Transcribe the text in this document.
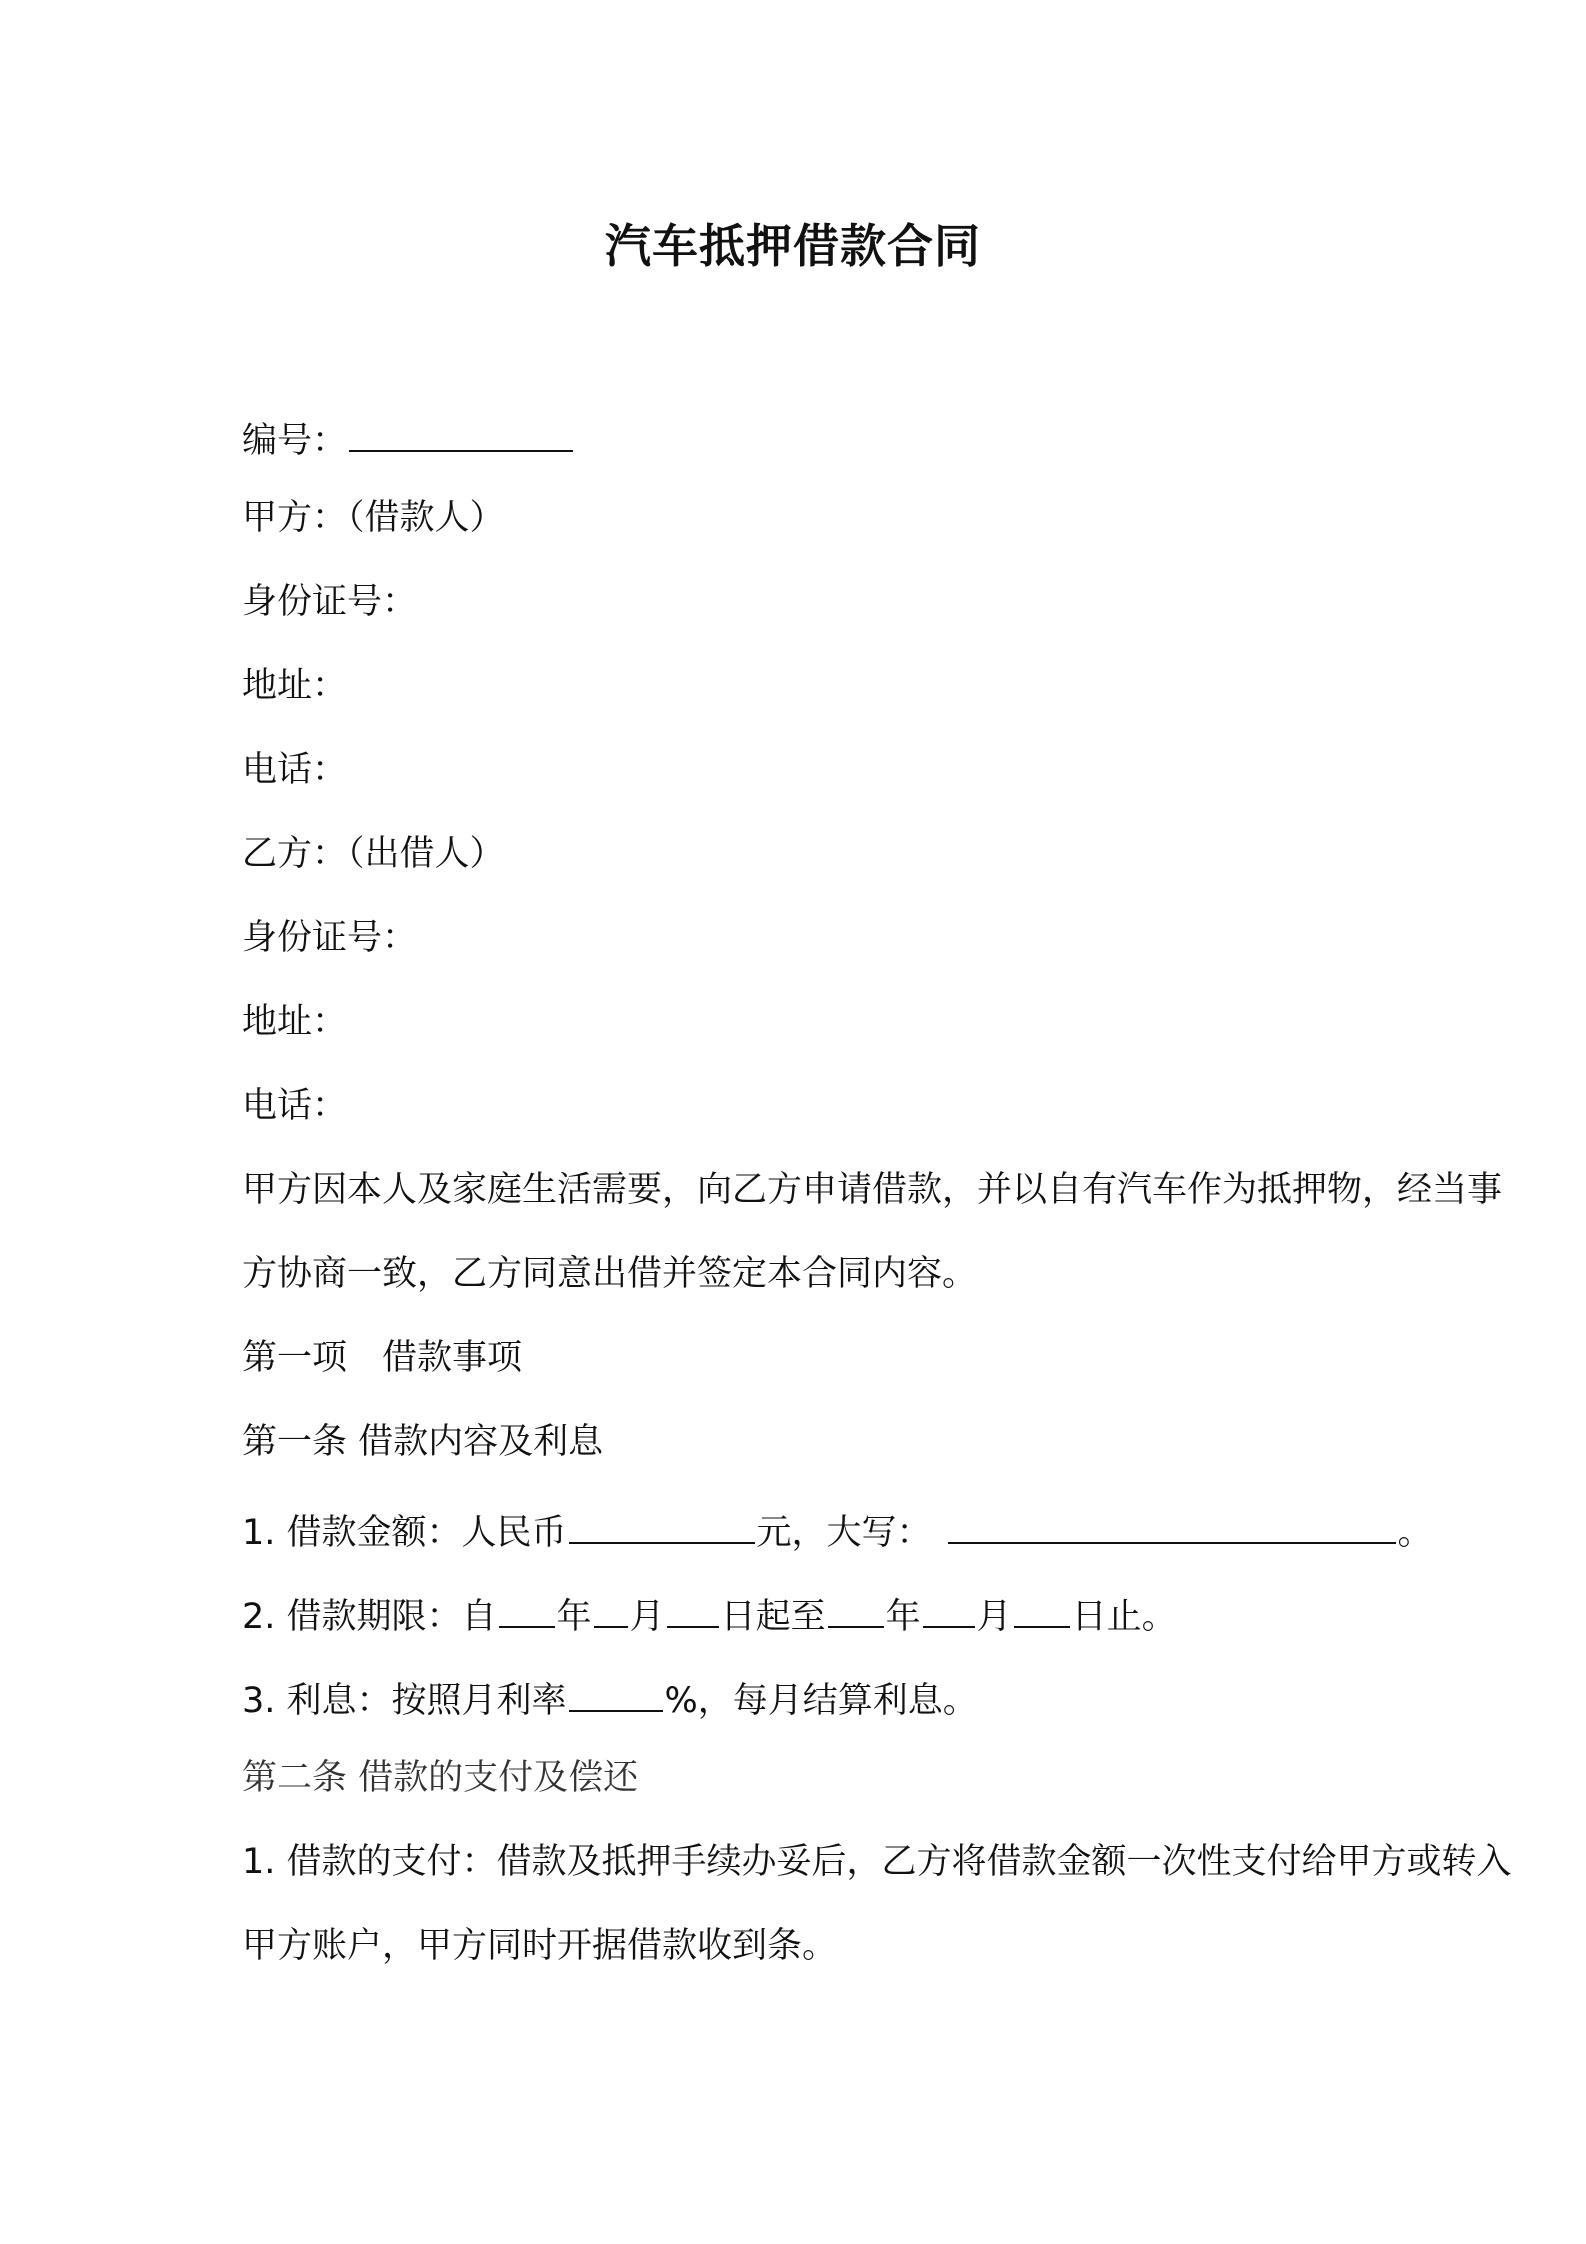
汽车抵押借款合同
编号：
甲方：（借款人）
身份证号：
地址：
电话：
乙方：（出借人）
身份证号：
地址：
电话：
甲方因本人及家庭生活需要，向乙方申请借款，并以自有汽车作为抵押物，经当事方协商一致，乙方同意出借并签定本合同内容。
第一项　借款事项
第一条 借款内容及利息
1. 借款金额：人民币	元，大写：	。
2. 借款期限：自 年 月 日起至 年 月 日止。
3. 利息：按照月利率	%，每月结算利息。
第二条 借款的支付及偿还
1. 借款的支付：借款及抵押手续办妥后，乙方将借款金额一次性支付给甲方或转入甲方账户，甲方同时开据借款收到条。
